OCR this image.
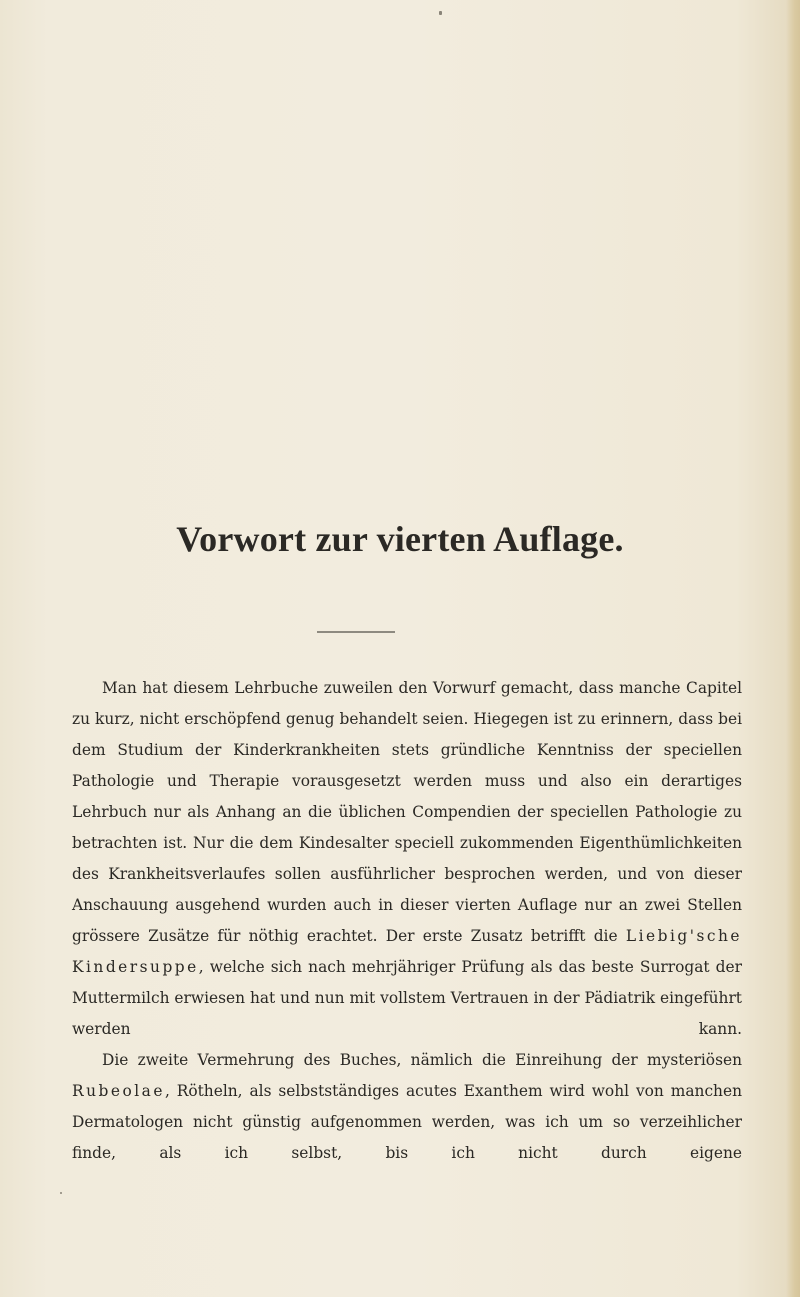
Vorwort zur vierten Auflage.

Man hat diesem Lehrbuche zuweilen den Vorwurf gemacht, dass manche Capitel zu kurz, nicht erschöpfend genug behandelt seien. Hiegegen ist zu erinnern, dass bei dem Studium der Kinderkrankheiten stets gründliche Kenntniss der speciellen Pathologie und Therapie vorausgesetzt werden muss und also ein derartiges Lehrbuch nur als Anhang an die üblichen Compendien der speciellen Pathologie zu betrachten ist. Nur die dem Kindesalter speciell zukommenden Eigenthümlichkeiten des Krankheitsverlaufes sollen ausführlicher besprochen werden, und von dieser Anschauung ausgehend wurden auch in dieser vierten Auflage nur an zwei Stellen grössere Zusätze für nöthig erachtet. Der erste Zusatz betrifft die Liebig'sche Kindersuppe, welche sich nach mehrjähriger Prüfung als das beste Surrogat der Muttermilch erwiesen hat und nun mit vollstem Vertrauen in der Pädiatrik eingeführt werden kann.

Die zweite Vermehrung des Buches, nämlich die Einreihung der mysteriösen Rubeolae, Rötheln, als selbstständiges acutes Exanthem wird wohl von manchen Dermatologen nicht günstig aufgenommen werden, was ich um so verzeihlicher finde, als ich selbst, bis ich nicht durch eigene
